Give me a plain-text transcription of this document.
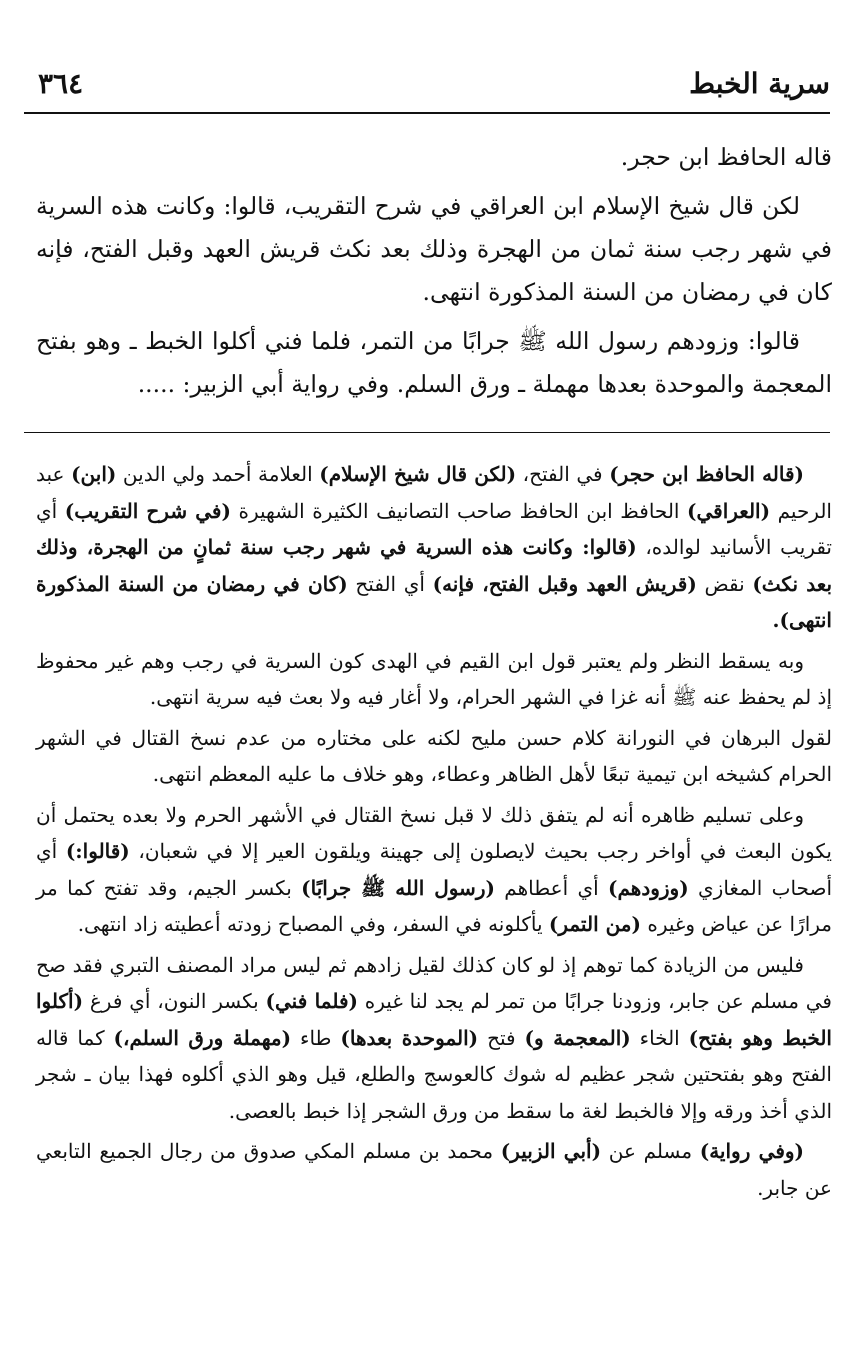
سرية الخبط
٣٦٤

قاله الحافظ ابن حجر.

لكن قال شيخ الإسلام ابن العراقي في شرح التقريب، قالوا: وكانت هذه السرية في شهر رجب سنة ثمان من الهجرة وذلك بعد نكث قريش العهد وقبل الفتح، فإنه كان في رمضان من السنة المذكورة انتهى.

قالوا: وزودهم رسول الله ﷺ جرابًا من التمر، فلما فني أكلوا الخبط ـ وهو بفتح المعجمة والموحدة بعدها مهملة ـ ورق السلم. وفي رواية أبي الزبير: .....

(قاله الحافظ ابن حجر) في الفتح، (لكن قال شيخ الإسلام) العلامة أحمد ولي الدين (ابن) عبد الرحيم (العراقي) الحافظ ابن الحافظ صاحب التصانيف الكثيرة الشهيرة (في شرح التقريب) أي تقريب الأسانيد لوالده، (قالوا: وكانت هذه السرية في شهر رجب سنة ثمانٍ من الهجرة، وذلك بعد نكث) نقض (قريش العهد وقبل الفتح، فإنه) أي الفتح (كان في رمضان من السنة المذكورة انتهى).

وبه يسقط النظر ولم يعتبر قول ابن القيم في الهدى كون السرية في رجب وهم غير محفوظ إذ لم يحفظ عنه ﷺ أنه غزا في الشهر الحرام، ولا أغار فيه ولا بعث فيه سرية انتهى.

لقول البرهان في النورانة كلام حسن مليح لكنه على مختاره من عدم نسخ القتال في الشهر الحرام كشيخه ابن تيمية تبعًا لأهل الظاهر وعطاء، وهو خلاف ما عليه المعظم انتهى.

وعلى تسليم ظاهره أنه لم يتفق ذلك لا قبل نسخ القتال في الأشهر الحرم ولا بعده يحتمل أن يكون البعث في أواخر رجب بحيث لايصلون إلى جهينة ويلقون العير إلا في شعبان، (قالوا:) أي أصحاب المغازي (وزودهم) أي أعطاهم (رسول الله ﷺ جرابًا) بكسر الجيم، وقد تفتح كما مر مرارًا عن عياض وغيره (من التمر) يأكلونه في السفر، وفي المصباح زودته أعطيته زاد انتهى.

فليس من الزيادة كما توهم إذ لو كان كذلك لقيل زادهم ثم ليس مراد المصنف التبري فقد صح في مسلم عن جابر، وزودنا جرابًا من تمر لم يجد لنا غيره (فلما فني) بكسر النون، أي فرغ (أكلوا الخبط وهو بفتح) الخاء (المعجمة و) فتح (الموحدة بعدها) طاء (مهملة ورق السلم،) كما قاله الفتح وهو بفتحتين شجر عظيم له شوك كالعوسج والطلع، قيل وهو الذي أكلوه فهذا بيان ـ شجر الذي أخذ ورقه وإلا فالخبط لغة ما سقط من ورق الشجر إذا خبط بالعصى.

(وفي رواية) مسلم عن (أبي الزبير) محمد بن مسلم المكي صدوق من رجال الجميع التابعي عن جابر.
